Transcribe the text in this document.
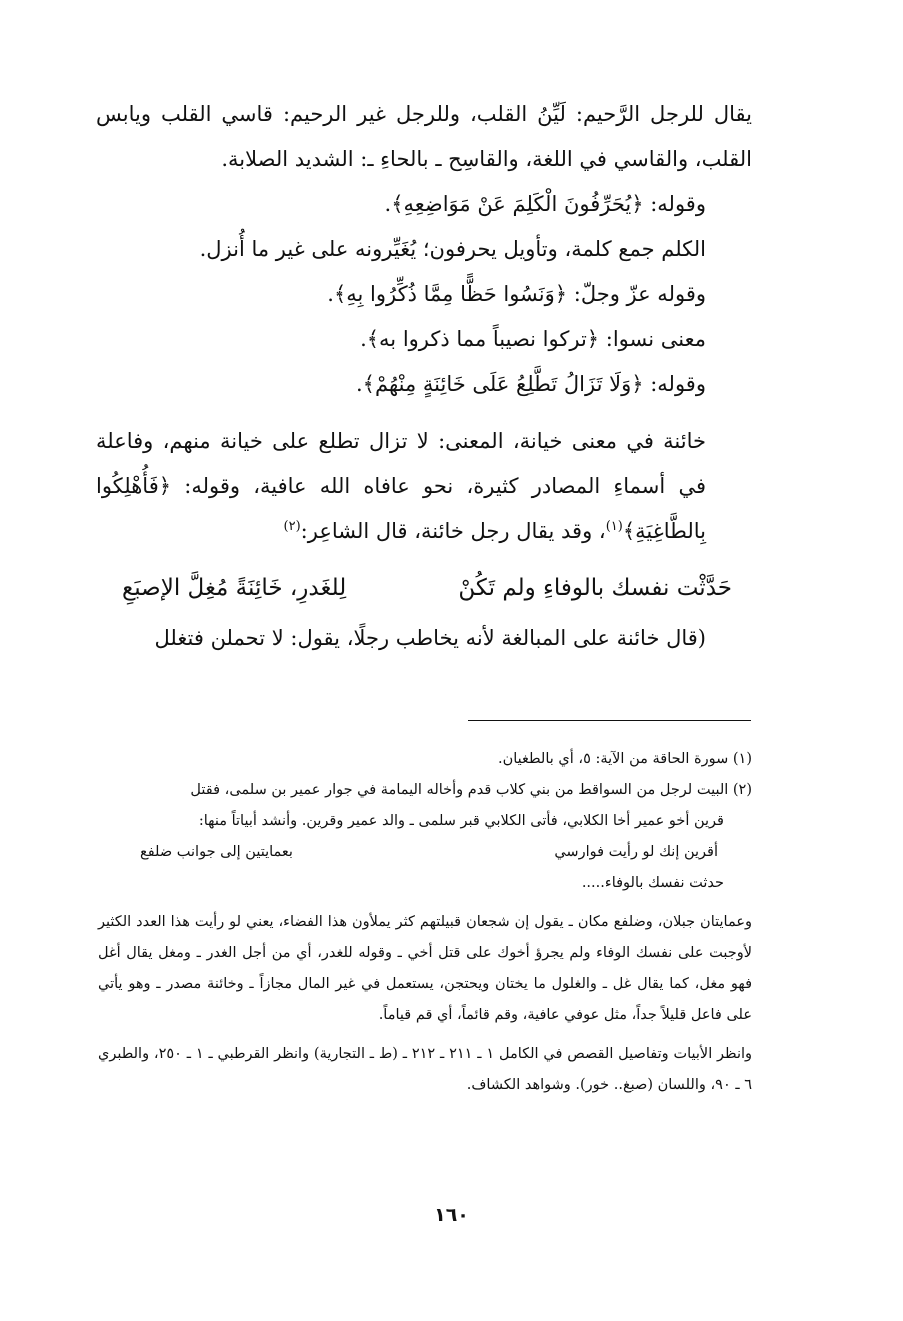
يقال للرجل الرَّحيم: لَيِّنُ القلب، وللرجل غير الرحيم: قاسي القلب ويابس القلب، والقاسي في اللغة، والقاسِح ـ بالحاءِ ـ: الشديد الصلابة.

وقوله: ﴿يُحَرِّفُونَ الْكَلِمَ عَنْ مَوَاضِعِهِ﴾.

الكلم جمع كلمة، وتأويل يحرفون؛ يُغَيِّرونه على غير ما أُنزل.

وقوله عزّ وجلّ: ﴿وَنَسُوا حَظًّا مِمَّا ذُكِّرُوا بِهِ﴾.

معنى نسوا: ﴿تركوا نصيباً مما ذكروا به﴾.

وقوله: ﴿وَلَا تَزَالُ تَطَّلِعُ عَلَى خَائِنَةٍ مِنْهُمْ﴾.

خائنة في معنى خيانة، المعنى: لا تزال تطلع على خيانة منهم، وفاعلة في أسماءِ المصادر كثيرة، نحو عافاه الله عافية، وقوله: ﴿فَأُهْلِكُوا بِالطَّاغِيَةِ﴾$^{(١)}$، وقد يقال رجل خائنة، قال الشاعِر:$^{(٢)}$

حَدَّثْت نفسك بالوفاءِ ولم تَكُنْ
لِلغَدرِ، خَائِنَةً مُغِلَّ الإصبَعِ

(قال خائنة على المبالغة لأنه يخاطب رجلًا، يقول: لا تحملن فتغلل

(١) سورة الحاقة من الآية: ٥، أي بالطغيان.

(٢) البيت لرجل من السواقط من بني كلاب قدم وأخاله اليمامة في جوار عمير بن سلمى، فقتل

قرين أخو عمير أخا الكلابي، فأتى الكلابي قبر سلمى ـ والد عمير وقرين. وأنشد أبياتاً منها:

أقرين إنك لو رأيت فوارسي
بعمايتين إلى جوانب ضلفع

حدثت نفسك بالوفاء.....

وعمايتان جبلان، وضلفع مكان ـ يقول إن شجعان قبيلتهم كثر يملأون هذا الفضاء، يعني لو رأيت هذا العدد الكثير لأوجبت على نفسك الوفاء ولم يجرؤ أخوك على قتل أخي ـ وقوله للغدر، أي من أجل الغدر ـ ومغل يقال أغل فهو مغل، كما يقال غل ـ والغلول ما يختان ويحتجن، يستعمل في غير المال مجازاً ـ وخائنة مصدر ـ وهو يأتي على فاعل قليلاً جداً، مثل عوفي عافية، وقم قائماً، أي قم قياماً.

وانظر الأبيات وتفاصيل القصص في الكامل ١ ـ ٢١١ ـ ٢١٢ ـ (ط ـ التجارية) وانظر القرطبي ـ ١ ـ ٢٥٠، والطبري ٦ ـ ٩٠، واللسان (صبغ.. خور). وشواهد الكشاف.

١٦٠
